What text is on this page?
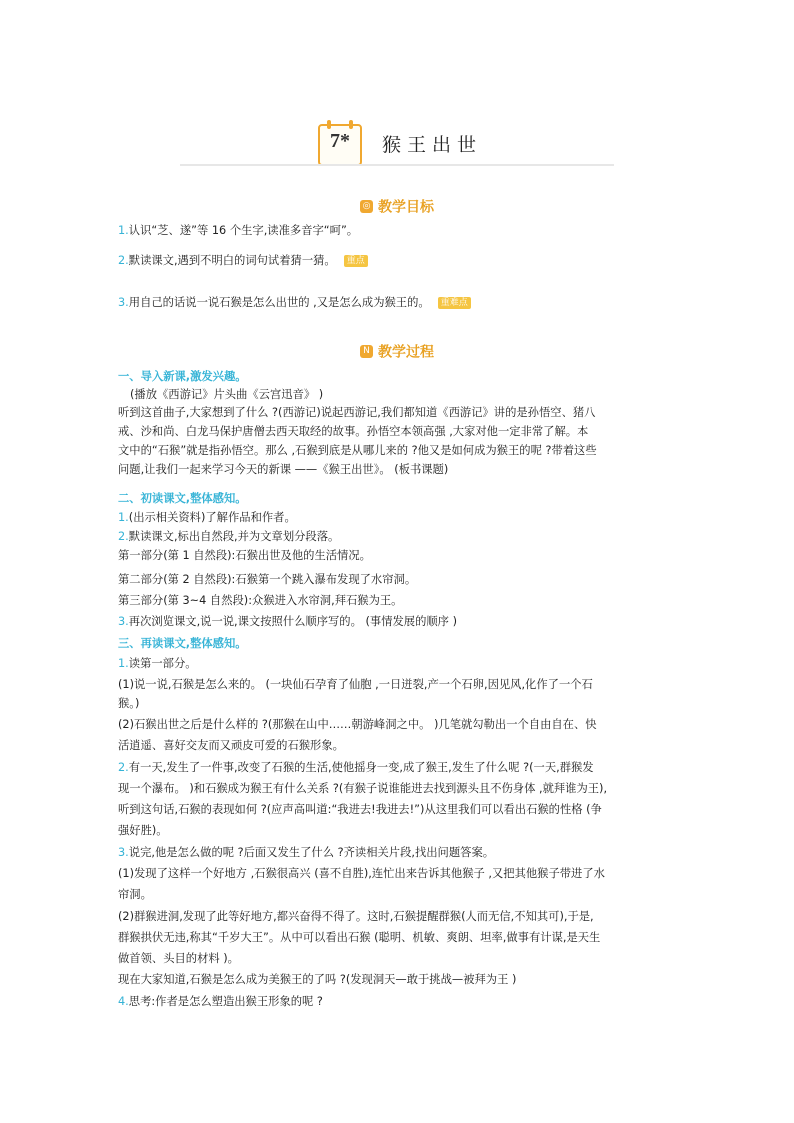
7*	猴王出世
◎ 教学目标
1.认识“芝、遂”等 16 个生字,读准多音字“呵”。
2.默读课文,遇到不明白的词句试着猜一猜。 重点
3.用自己的话说一说石猴是怎么出世的 ,又是怎么成为猴王的。 重难点
N 教学过程
一、导入新课,激发兴趣。
(播放《西游记》片头曲《云宫迅音》 )
听到这首曲子,大家想到了什么 ?(西游记)说起西游记,我们都知道《西游记》讲的是孙悟空、猪八
戒、沙和尚、白龙马保护唐僧去西天取经的故事。孙悟空本领高强 ,大家对他一定非常了解。本
文中的“石猴”就是指孙悟空。那么 ,石猴到底是从哪儿来的 ?他又是如何成为猴王的呢 ?带着这些
问题,让我们一起来学习今天的新课 ——《猴王出世》。 (板书课题)
二、初读课文,整体感知。
1.(出示相关资料)了解作品和作者。
2.默读课文,标出自然段,并为文章划分段落。
第一部分(第 1 自然段):石猴出世及他的生活情况。
第二部分(第 2 自然段):石猴第一个跳入瀑布发现了水帘洞。
第三部分(第 3~4 自然段):众猴进入水帘洞,拜石猴为王。
3.再次浏览课文,说一说,课文按照什么顺序写的。 (事情发展的顺序 )
三、再读课文,整体感知。
1.读第一部分。
(1)说一说,石猴是怎么来的。 (一块仙石孕育了仙胞 ,一日迸裂,产一个石卵,因见风,化作了一个石
猴。)
(2)石猴出世之后是什么样的 ?(那猴在山中……朝游峰洞之中。 )几笔就勾勒出一个自由自在、快
活逍遥、喜好交友而又顽皮可爱的石猴形象。
2.有一天,发生了一件事,改变了石猴的生活,使他摇身一变,成了猴王,发生了什么呢 ?(一天,群猴发
现一个瀑布。 )和石猴成为猴王有什么关系 ?(有猴子说谁能进去找到源头且不伤身体 ,就拜谁为王),
听到这句话,石猴的表现如何 ?(应声高叫道:“我进去!我进去!”)从这里我们可以看出石猴的性格 (争
强好胜)。
3.说完,他是怎么做的呢 ?后面又发生了什么 ?齐读相关片段,找出问题答案。
(1)发现了这样一个好地方 ,石猴很高兴 (喜不自胜),连忙出来告诉其他猴子 ,又把其他猴子带进了水
帘洞。
(2)群猴进洞,发现了此等好地方,都兴奋得不得了。这时,石猴提醒群猴(人而无信,不知其可),于是,
群猴拱伏无违,称其“千岁大王”。从中可以看出石猴 (聪明、机敏、爽朗、坦率,做事有计谋,是天生
做首领、头目的材料 )。
现在大家知道,石猴是怎么成为美猴王的了吗 ?(发现洞天—敢于挑战—被拜为王 )
4.思考:作者是怎么塑造出猴王形象的呢 ?
